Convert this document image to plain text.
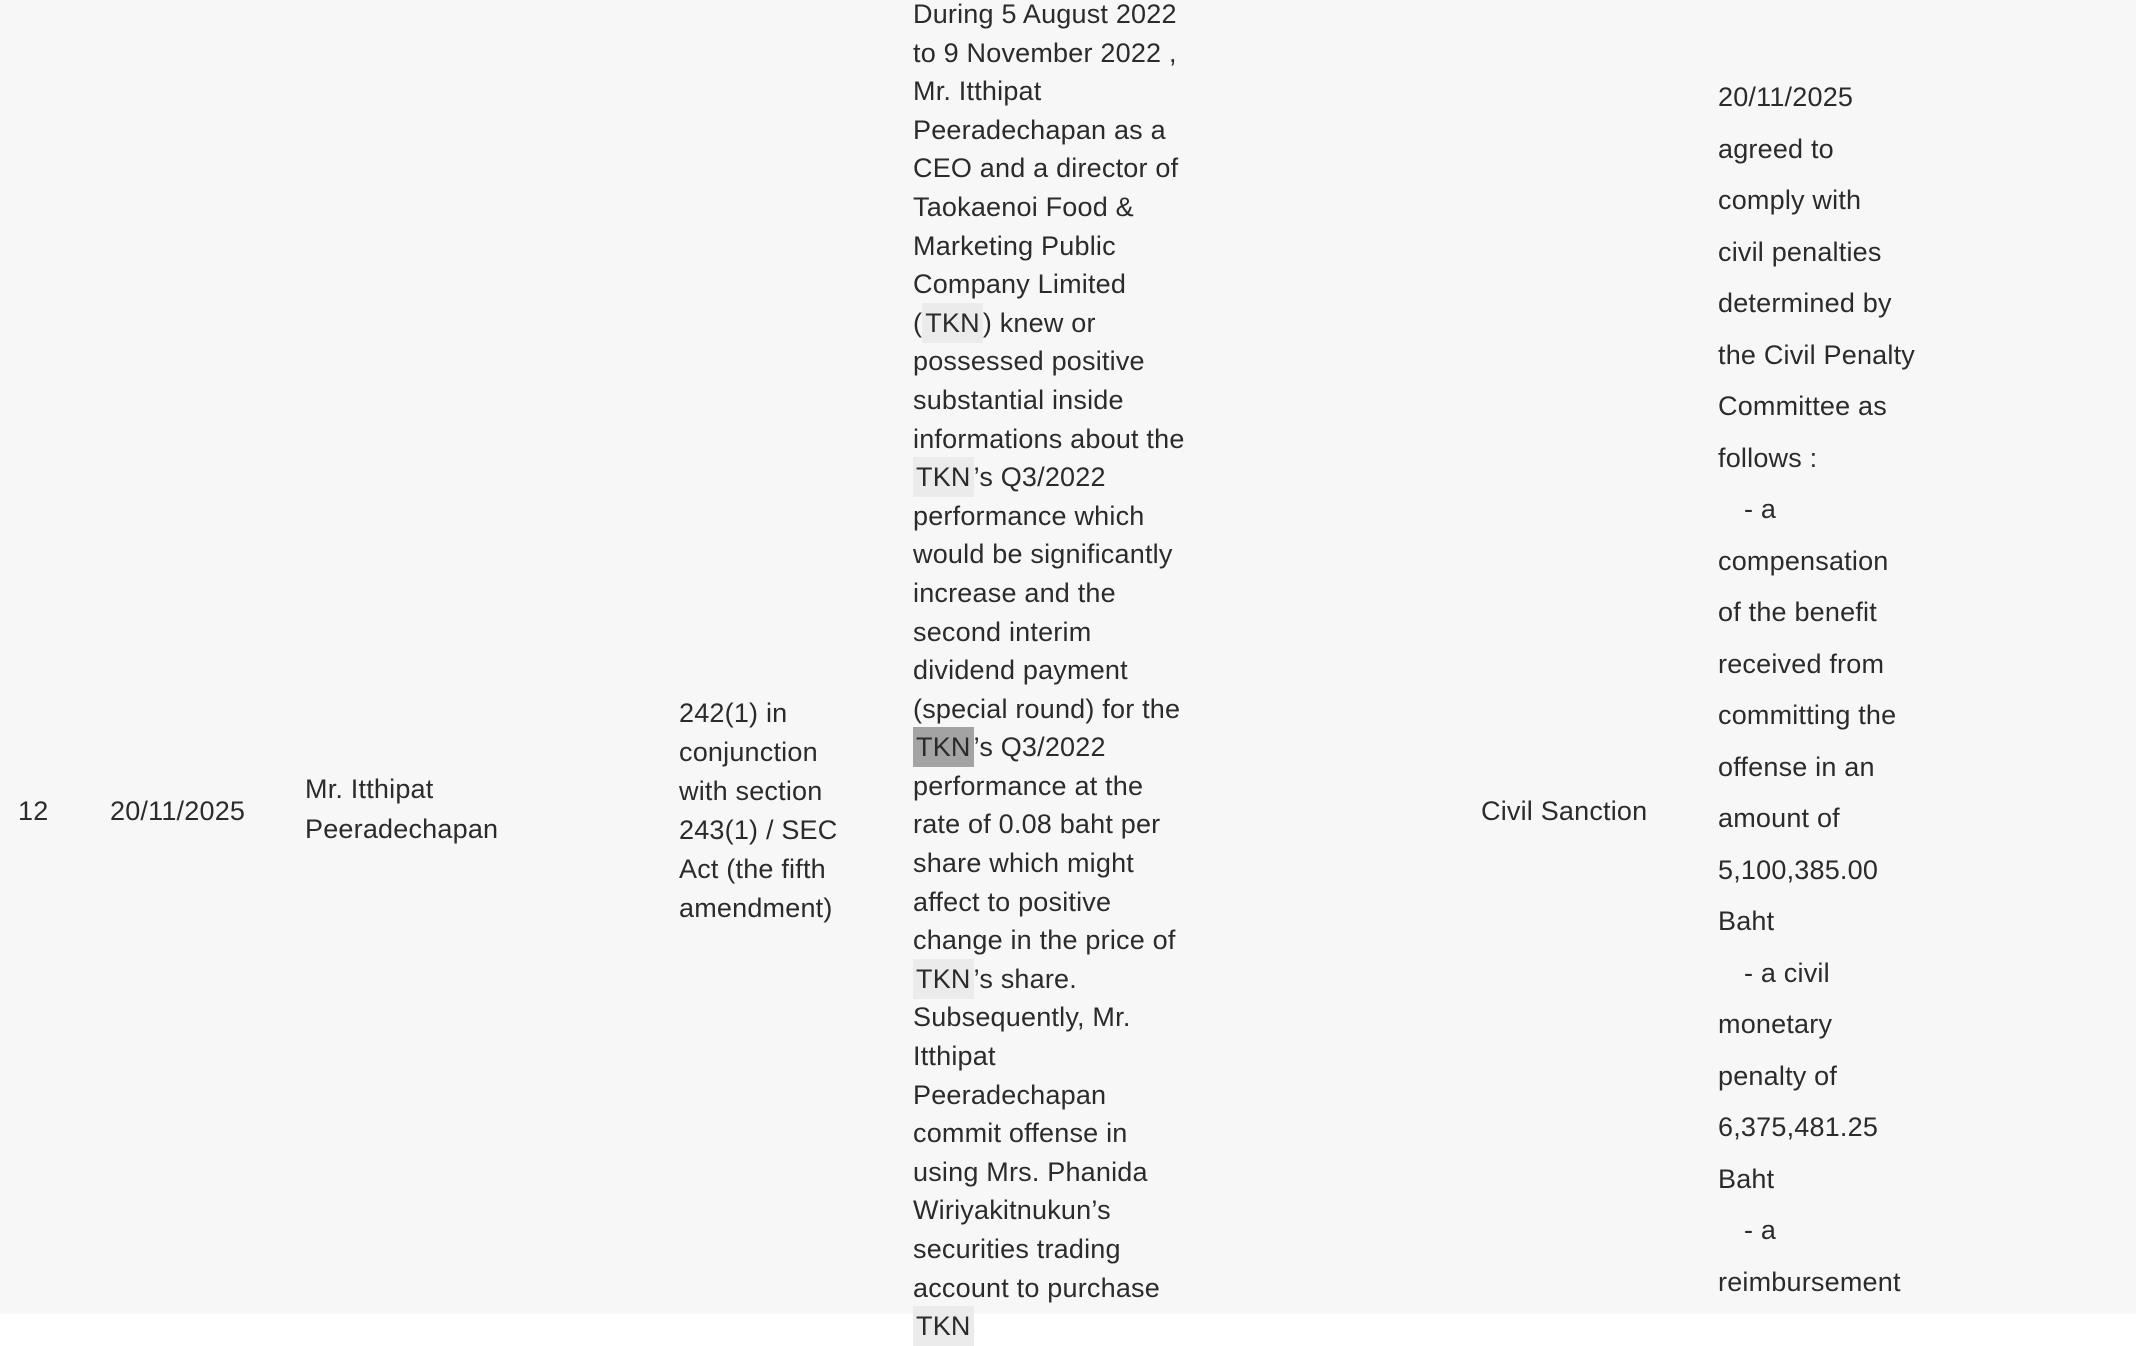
12 20/11/2025
Mr. Itthipat
Peeradechapan
242(1) in
conjunction
with section
243(1) / SEC
Act (the fifth
amendment)
During 5 August 2022
to 9 November 2022 ,
Mr. Itthipat
Peeradechapan as a
CEO and a director of
Taokaenoi Food &
Marketing Public
Company Limited
( TKN ) knew or
possessed positive
substantial inside
informations about the
TKN ’s Q3/2022
performance which
would be significantly
increase and the
second interim
dividend payment
(special round) for the
TKN ’s Q3/2022
performance at the
rate of 0.08 baht per
share which might
affect to positive
change in the price of
TKN ’s share.
Subsequently, Mr.
Itthipat
Peeradechapan
commit offense in
using Mrs. Phanida
Wiriyakitnukun’s
securities trading
account to purchase
TKN
Civil Sanction
20/11/2025
agreed to
comply with
civil penalties
determined by
the Civil Penalty
Committee as
follows :
- a
compensation
of the benefit
received from
committing the
offense in an
amount of
5,100,385.00
Baht
- a civil
monetary
penalty of
6,375,481.25
Baht
- a
reimbursement
